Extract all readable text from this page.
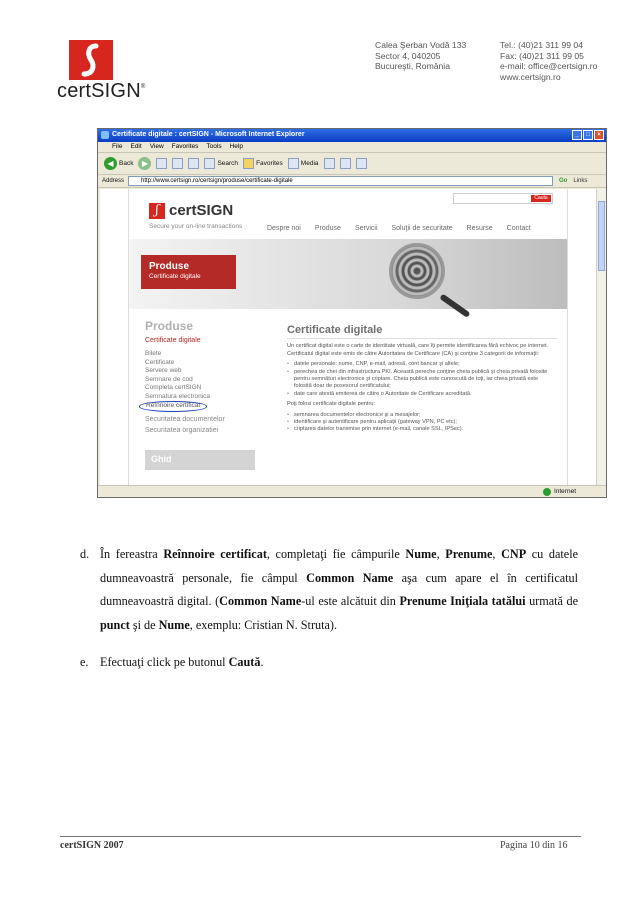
certSIGN®
Calea Şerban Vodă 133
Sector 4, 040205
Bucureşti, România
Tel.: (40)21 311 99 04
Fax: (40)21 311 99 05
e-mail: office@certsign.ro
www.certsign.ro
Certificate digitale : certSIGN - Microsoft Internet Explorer	_	□	×
File Edit View Favorites Tools Help
◀ Back	▶	Search	Favorites	Media
Address	http://www.certsign.ro/certsign/produse/certificate-digitale	Go Links
Cauta
ʃ certSIGN
Secure your on-line transactions	Despre noi Produse Servicii Soluţii de securitate Resurse Contact
Produse
Certificate digitale
Produse
Certificate digitale
Bilete
Certificate
Servere web
Semnare de cod
Completa certSIGN
Semnatura electronica
Reînnoire certificat
Securitatea documentelor
Securitatea organizatiei
Ghid
Certificate digitale

Un certificat digital este o carte de identitate virtuală, care îţi permite identificarea fără echivoc pe internet. Certificatul digital este emis de către Autoritatea de Certificare (CA) şi conţine 3 categorii de informaţii:

• datele personale: nume, CNP, e-mail, adresă, cont bancar şi altele;
• perechea de chei din infrastructura PKI. Această pereche conţine cheia publică şi cheia privată folosite pentru semnături electronice şi criptare. Cheia publică este cunoscută de toţi, iar cheia privată este folosită doar de posesorul certificatului;
• date care atestă emiterea de către o Autoritate de Certificare acreditată.

Poţi folosi certificate digitale pentru:

• semnarea documentelor electronice şi a mesajelor;
• identificare şi autentificare pentru aplicaţii (gateway VPN, PC etc);
• criptarea datelor transmise prin internet (e-mail, canale SSL, IPSec).
Internet
d. În fereastra Reînnoire certificat, completaţi fie câmpurile Nume, Prenume, CNP cu datele dumneavoastră personale, fie câmpul Common Name aşa cum apare el în certificatul dumneavoastră digital. (Common Name-ul este alcătuit din Prenume Iniţiala tatălui urmată de punct şi de Nume, exemplu: Cristian N. Struta).
e. Efectuaţi click pe butonul Caută.
certSIGN 2007	Pagina 10 din 16
